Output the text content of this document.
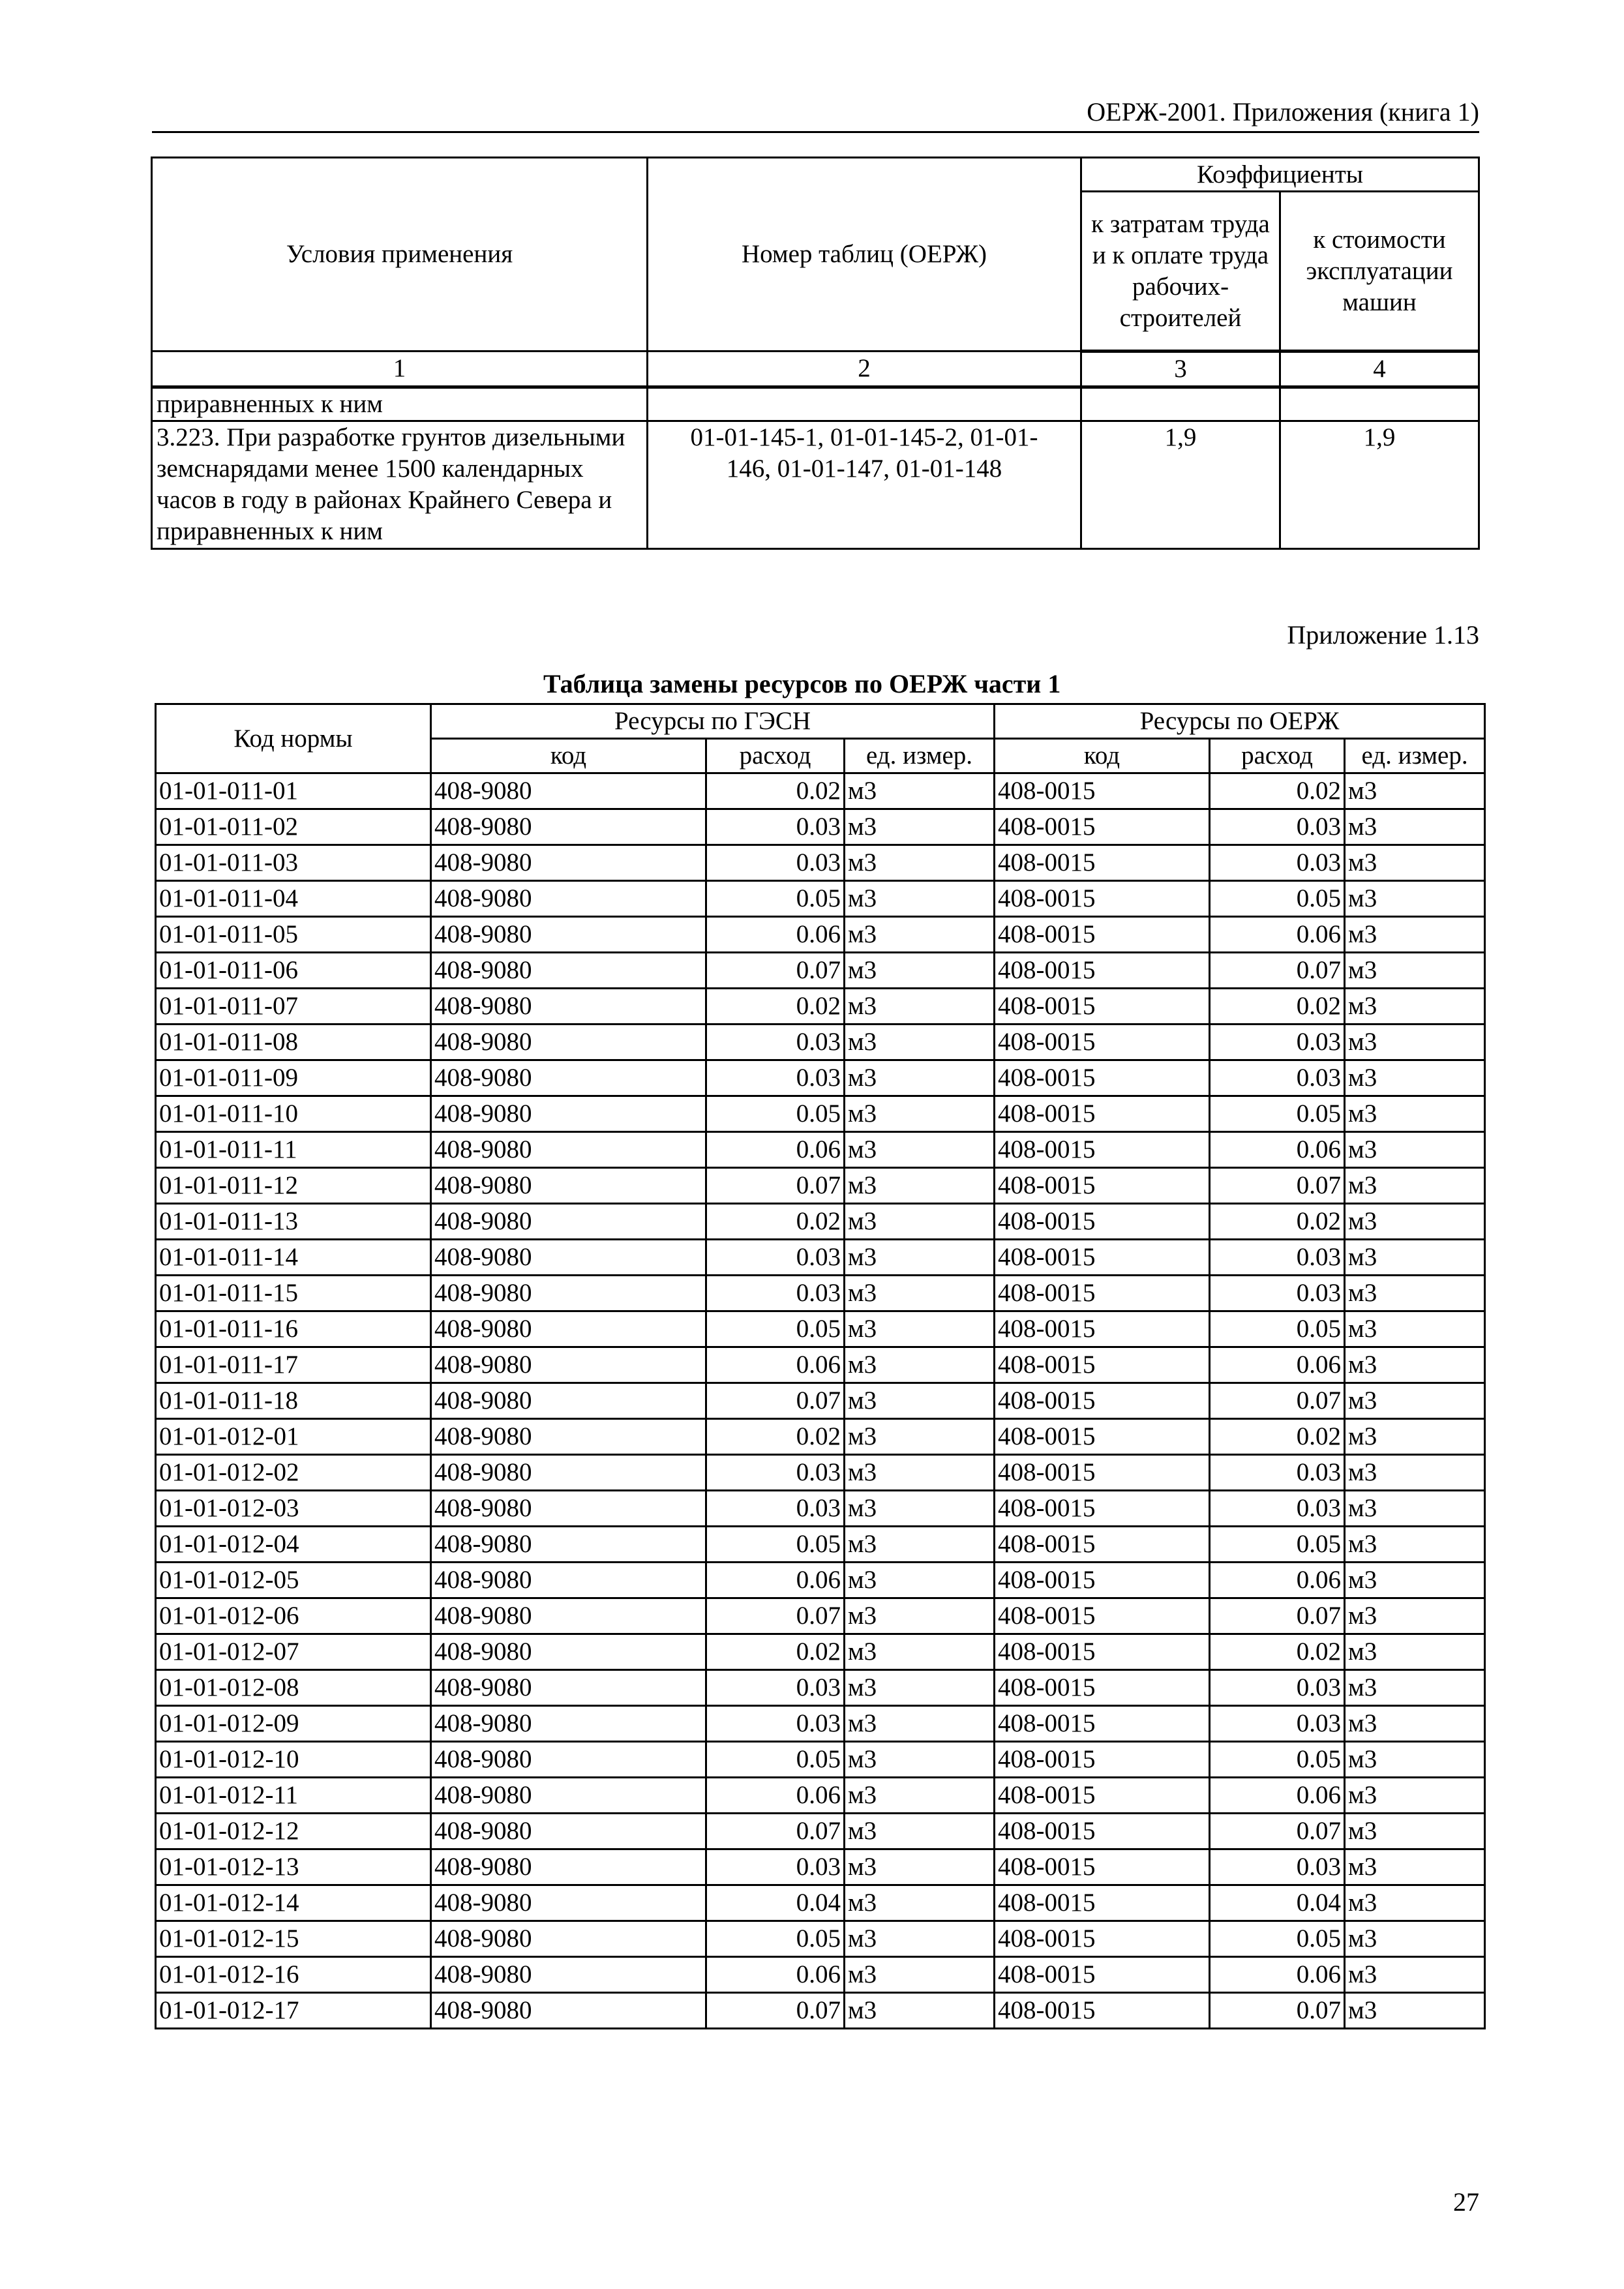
ОЕРЖ-2001. Приложения (книга 1)
Условия применения	Номер таблиц (ОЕРЖ)	Коэффициенты	
		к затратам труда и к оплате труда рабочих-строителей	к стоимости эксплуатации машин
1	2	3	4
приравненных к ним			
3.223. При разработке грунтов дизельными земснарядами менее 1500 календарных часов в году в районах Крайнего Севера и приравненных к ним	01-01-145-1, 01-01-145-2, 01-01-146, 01-01-147, 01-01-148	1,9	1,9
Приложение 1.13
Таблица замены ресурсов по ОЕРЖ части 1
Код нормы	Ресурсы по ГЭСН			Ресурсы по ОЕРЖ		
	код	расход	ед. измер.	код	расход	ед. измер.
01-01-011-01	408-9080	0.02	м3	408-0015	0.02	м3
01-01-011-02	408-9080	0.03	м3	408-0015	0.03	м3
01-01-011-03	408-9080	0.03	м3	408-0015	0.03	м3
01-01-011-04	408-9080	0.05	м3	408-0015	0.05	м3
01-01-011-05	408-9080	0.06	м3	408-0015	0.06	м3
01-01-011-06	408-9080	0.07	м3	408-0015	0.07	м3
01-01-011-07	408-9080	0.02	м3	408-0015	0.02	м3
01-01-011-08	408-9080	0.03	м3	408-0015	0.03	м3
01-01-011-09	408-9080	0.03	м3	408-0015	0.03	м3
01-01-011-10	408-9080	0.05	м3	408-0015	0.05	м3
01-01-011-11	408-9080	0.06	м3	408-0015	0.06	м3
01-01-011-12	408-9080	0.07	м3	408-0015	0.07	м3
01-01-011-13	408-9080	0.02	м3	408-0015	0.02	м3
01-01-011-14	408-9080	0.03	м3	408-0015	0.03	м3
01-01-011-15	408-9080	0.03	м3	408-0015	0.03	м3
01-01-011-16	408-9080	0.05	м3	408-0015	0.05	м3
01-01-011-17	408-9080	0.06	м3	408-0015	0.06	м3
01-01-011-18	408-9080	0.07	м3	408-0015	0.07	м3
01-01-012-01	408-9080	0.02	м3	408-0015	0.02	м3
01-01-012-02	408-9080	0.03	м3	408-0015	0.03	м3
01-01-012-03	408-9080	0.03	м3	408-0015	0.03	м3
01-01-012-04	408-9080	0.05	м3	408-0015	0.05	м3
01-01-012-05	408-9080	0.06	м3	408-0015	0.06	м3
01-01-012-06	408-9080	0.07	м3	408-0015	0.07	м3
01-01-012-07	408-9080	0.02	м3	408-0015	0.02	м3
01-01-012-08	408-9080	0.03	м3	408-0015	0.03	м3
01-01-012-09	408-9080	0.03	м3	408-0015	0.03	м3
01-01-012-10	408-9080	0.05	м3	408-0015	0.05	м3
01-01-012-11	408-9080	0.06	м3	408-0015	0.06	м3
01-01-012-12	408-9080	0.07	м3	408-0015	0.07	м3
01-01-012-13	408-9080	0.03	м3	408-0015	0.03	м3
01-01-012-14	408-9080	0.04	м3	408-0015	0.04	м3
01-01-012-15	408-9080	0.05	м3	408-0015	0.05	м3
01-01-012-16	408-9080	0.06	м3	408-0015	0.06	м3
01-01-012-17	408-9080	0.07	м3	408-0015	0.07	м3
27
